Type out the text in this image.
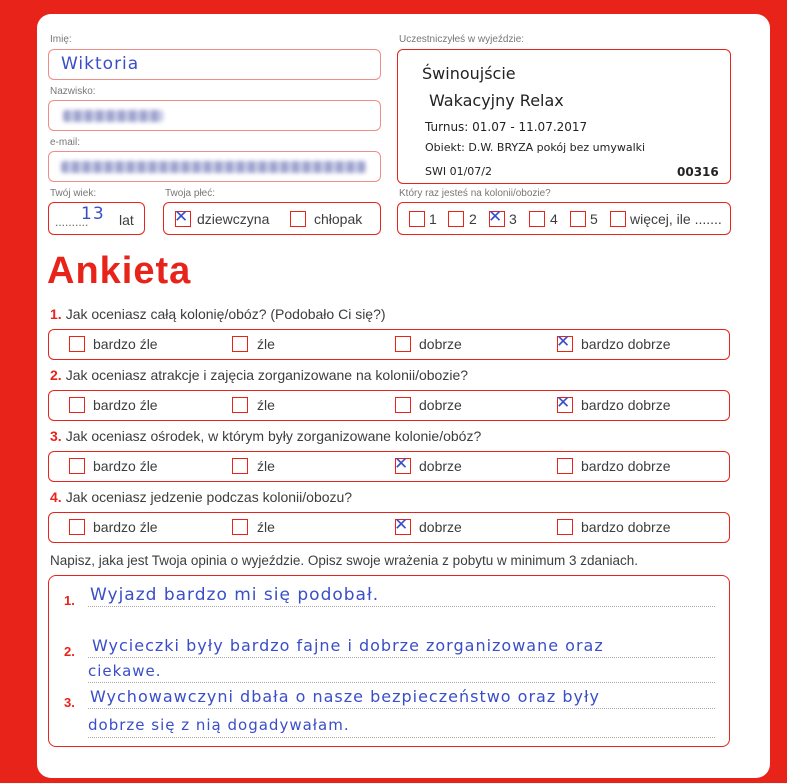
Imię:
Wiktoria
Nazwisko:
e-mail:
Twój wiek:
..........
13 lat
Twoja płeć:
✕ dziewczyna	chłopak
Uczestniczyłeś w wyjeździe:
Świnoujście
Wakacyjny Relax
Turnus: 01.07 - 11.07.2017
Obiekt: D.W. BRYZA pokój bez umywalki
SWI 01/07/2	00316
Który raz jesteś na kolonii/obozie?
1 2 ✕ 3 4 5 więcej, ile .......
Ankieta
1. Jak oceniasz całą kolonię/obóz? (Podobało Ci się?)
bardzo źle	źle	dobrze	✕ bardzo dobrze
2. Jak oceniasz atrakcje i zajęcia zorganizowane na kolonii/obozie?
bardzo źle	źle	dobrze	✕ bardzo dobrze
3. Jak oceniasz ośrodek, w którym były zorganizowane kolonie/obóz?
bardzo źle	źle	✕ dobrze	bardzo dobrze
4. Jak oceniasz jedzenie podczas kolonii/obozu?
bardzo źle	źle	✕ dobrze	bardzo dobrze
Napisz, jaka jest Twoja opinia o wyjeździe. Opisz swoje wrażenia z pobytu w minimum 3 zdaniach.
1.
2.
3.
Wyjazd bardzo mi się podobał.
Wycieczki były bardzo fajne i dobrze zorganizowane oraz
ciekawe.
Wychowawczyni dbała o nasze bezpieczeństwo oraz były
dobrze się z nią dogadywałam.
